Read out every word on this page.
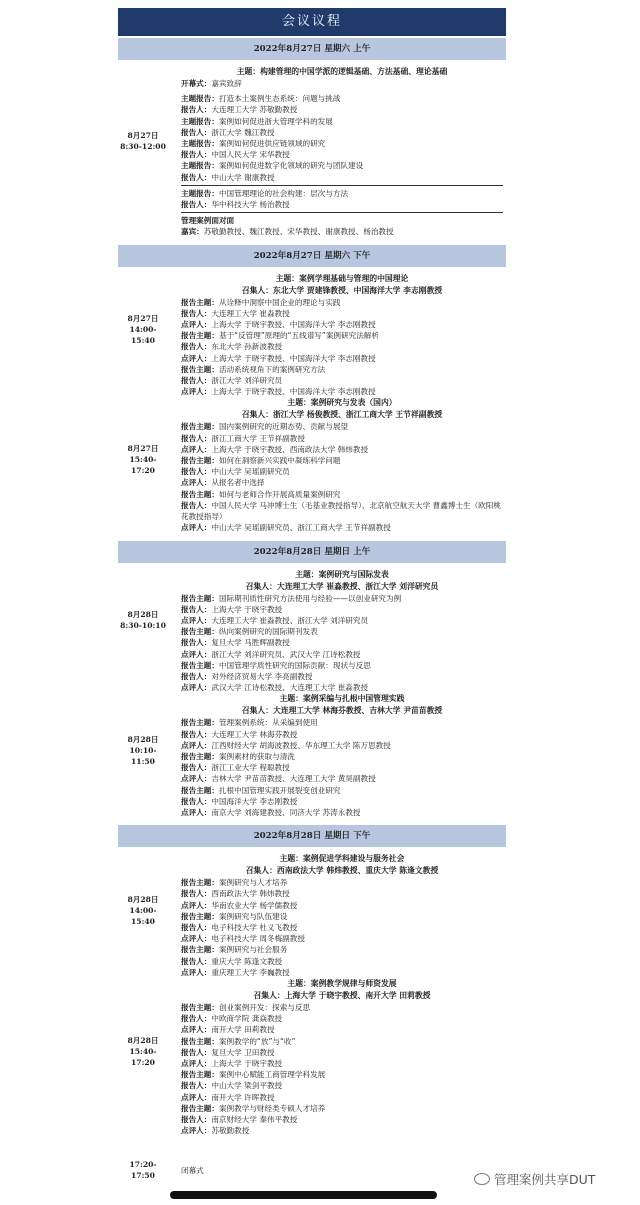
会议议程
2022年8月27日 星期六 上午
8月27日
8:30-12:00
主题：构建管理的中国学派的逻辑基础、方法基础、理论基础
开幕式：嘉宾致辞
主题报告：打造本土案例生态系统：问题与挑战
报告人：大连理工大学 苏敬勤教授
主题报告：案例如何促进浙大管理学科的发展
报告人：浙江大学 魏江教授
主题报告：案例如何促进供应链领域的研究
报告人：中国人民大学 宋华教授
主题报告：案例如何促进数字化领域的研究与团队建设
报告人：中山大学 谢康教授
主题报告：中国管理理论的社会构建：层次与方法
报告人：华中科技大学 杨治教授
管理案例面对面
嘉宾：苏敬勤教授、魏江教授、宋华教授、谢康教授、杨治教授
2022年8月27日 星期六 下午
8月27日
14:00-
15:40
主题：案例学理基础与管理的中国理论
召集人：东北大学 贾建锋教授、中国海洋大学 李志刚教授
报告主题：从诠释中洞察中国企业的理论与实践
报告人：大连理工大学 崔淼教授
点评人：上海大学 于晓宇教授、中国海洋大学 李志刚教授
报告主题：基于“反管理”原理的“五线谱写”案例研究法解析
报告人：东北大学 孙新波教授
点评人：上海大学 于晓宇教授、中国海洋大学 李志刚教授
报告主题：活动系统视角下的案例研究方法
报告人：浙江大学 刘洋研究员
点评人：上海大学 于晓宇教授、中国海洋大学 李志刚教授
8月27日
15:40-
17:20
主题：案例研究与发表（国内）
召集人：浙江大学 杨俊教授、浙江工商大学 王节祥副教授
报告主题：国内案例研究的近期态势、贡献与展望
报告人：浙江工商大学 王节祥副教授
点评人：上海大学 于晓宇教授、西南政法大学 韩炜教授
报告主题：如何在洞察新兴实践中凝练科学问题
报告人：中山大学 吴瑶副研究员
点评人：从报名者中选择
报告主题：如何与老师合作开展高质量案例研究
报告人：中国人民大学 马冲博士生（毛基业教授指导）、北京航空航天大学 曹鑫博士生（欧阳桃花教授指导）
点评人：中山大学 吴瑶副研究员、浙江工商大学 王节祥副教授
2022年8月28日 星期日 上午
8月28日
8:30-10:10
主题：案例研究与国际发表
召集人：大连理工大学 崔淼教授、浙江大学 刘洋研究员
报告主题：国际期刊质性研究方法使用与经验——以创业研究为例
报告人：上海大学 于晓宇教授
点评人：大连理工大学 崔淼教授、浙江大学 刘洋研究员
报告主题：纵向案例研究的国际期刊发表
报告人：复旦大学 马胜辉副教授
点评人：浙江大学 刘洋研究员、武汉大学 江诗松教授
报告主题：中国管理学质性研究的国际贡献：现状与反思
报告人：对外经济贸易大学 李亮副教授
点评人：武汉大学 江诗松教授、大连理工大学 崔淼教授
8月28日
10:10-
11:50
主题：案例采编与扎根中国管理实践
召集人：大连理工大学 林海芬教授、吉林大学 尹苗苗教授
报告主题：管理案例系统：从采编到使用
报告人：大连理工大学 林海芬教授
点评人：江西财经大学 胡海波教授、华东理工大学 陈万思教授
报告主题：案例素材的获取与清洗
报告人：浙江工业大学 程聪教授
点评人：吉林大学 尹苗苗教授、大连理工大学 黄昊副教授
报告主题：扎根中国管理实践开展裂变创业研究
报告人：中国海洋大学 李志刚教授
点评人：南京大学 刘海建教授、同济大学 苏涛永教授
2022年8月28日 星期日 下午
8月28日
14:00-
15:40
主题：案例促进学科建设与服务社会
召集人：西南政法大学 韩炜教授、重庆大学 陈逢文教授
报告主题：案例研究与人才培养
报告人：西南政法大学 韩炜教授
点评人：华南农业大学 杨学儒教授
报告主题：案例研究与队伍建设
报告人：电子科技大学 杜义飞教授
点评人：电子科技大学 周冬梅副教授
报告主题：案例研究与社会服务
报告人：重庆大学 陈逢文教授
点评人：重庆理工大学 李巍教授
8月28日
15:40-
17:20
主题：案例教学规律与师资发展
召集人：上海大学 于晓宇教授、南开大学 田莉教授
报告主题：创业案例开发：探索与反思
报告人：中欧商学院 龚焱教授
点评人：南开大学 田莉教授
报告主题：案例教学的“放”与“收”
报告人：复旦大学 卫田教授
点评人：上海大学 于晓宇教授
报告主题：案例中心赋能工商管理学科发展
报告人：中山大学 梁剑平教授
点评人：南开大学 许晖教授
报告主题：案例教学与财经类专硕人才培养
报告人：南京财经大学 秦伟平教授
点评人：苏敬勤教授
17:20-
17:50
闭幕式
管理案例共享DUT
